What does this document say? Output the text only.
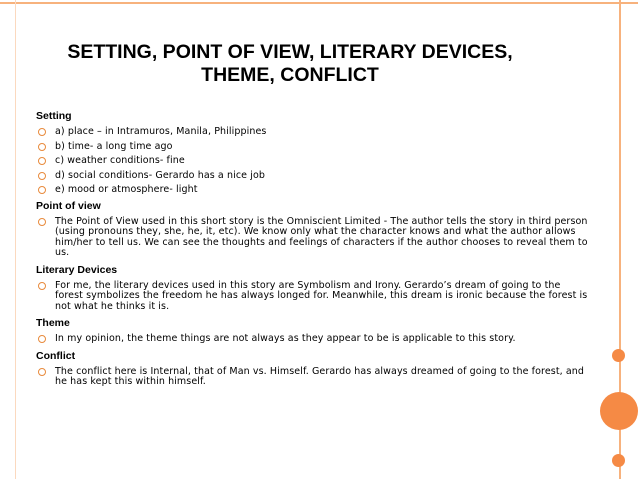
SETTING, POINT OF VIEW, LITERARY DEVICES,
THEME, CONFLICT
Setting
a) place – in Intramuros, Manila, Philippines
b) time- a long time ago
c) weather conditions- fine
d) social conditions- Gerardo has a nice job
e) mood or atmosphere- light
Point of view
The Point of View used in this short story is the Omniscient Limited - The author tells the story in third person (using pronouns they, she, he, it, etc). We know only what the character knows and what the author allows him/her to tell us. We can see the thoughts and feelings of characters if the author chooses to reveal them to us.
Literary Devices
For me, the literary devices used in this story are Symbolism and Irony. Gerardo’s dream of going to the forest symbolizes the freedom he has always longed for. Meanwhile, this dream is ironic because the forest is not what he thinks it is.
Theme
In my opinion, the theme things are not always as they appear to be is applicable to this story.
Conflict
The conflict here is Internal, that of Man vs. Himself. Gerardo has always dreamed of going to the forest, and he has kept this within himself.
